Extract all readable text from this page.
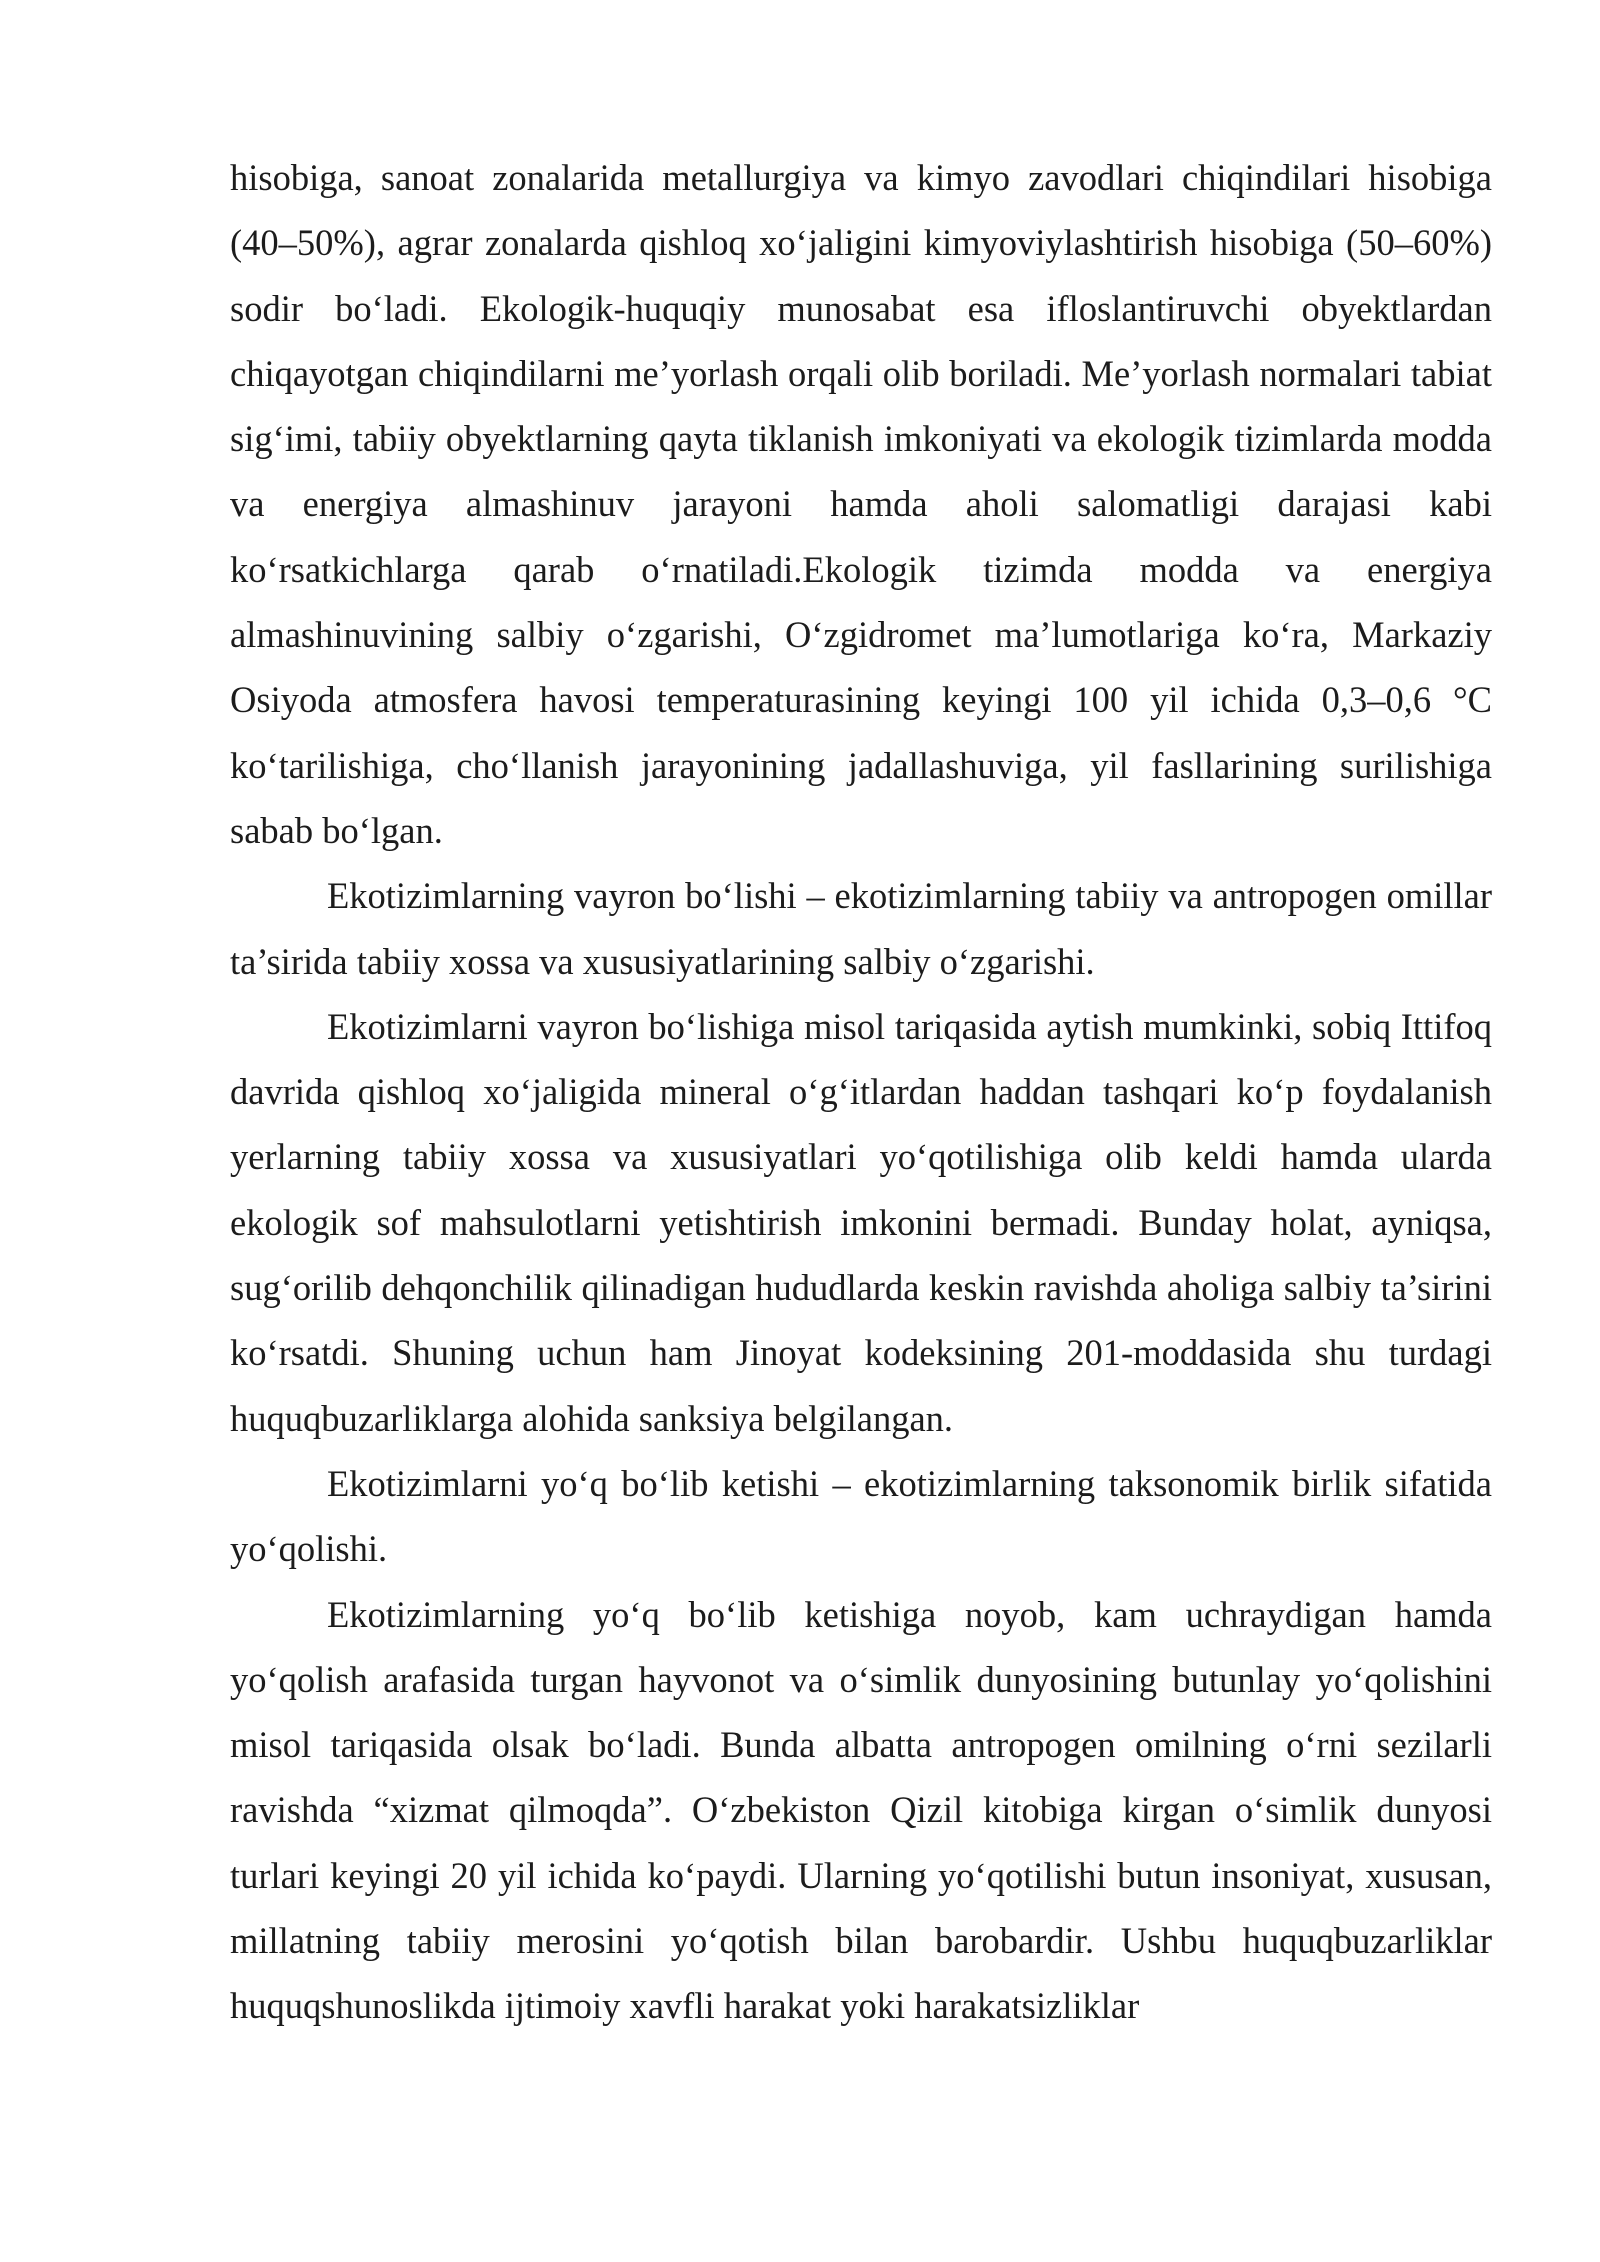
hisobiga, sanoat zonalarida metallurgiya va kimyo zavodlari chiqindilari hisobiga (40–50%), agrar zonalarda qishloq xo‘jaligini kimyoviylashtirish hisobiga (50–60%) sodir bo‘ladi. Ekologik-huquqiy munosabat esa ifloslantiruvchi obyektlardan chiqayotgan chiqindilarni me’yorlash orqali olib boriladi. Me’yorlash normalari tabiat sig‘imi, tabiiy obyektlarning qayta tiklanish imkoniyati va ekologik tizimlarda modda va energiya almashinuv jarayoni hamda aholi salomatligi darajasi kabi ko‘rsatkichlarga qarab o‘rnatiladi.Ekologik tizimda modda va energiya almashinuvining salbiy o‘zgarishi, O‘zgidromet ma’lumotlariga ko‘ra, Markaziy Osiyoda atmosfera havosi temperaturasining keyingi 100 yil ichida 0,3–0,6 °C ko‘tarilishiga, cho‘llanish jarayonining jadallashuviga, yil fasllarining surilishiga sabab bo‘lgan.

Ekotizimlarning vayron bo‘lishi – ekotizimlarning tabiiy va antropogen omillar ta’sirida tabiiy xossa va xususiyatlarining salbiy o‘zgarishi.

Ekotizimlarni vayron bo‘lishiga misol tariqasida aytish mumkinki, sobiq Ittifoq davrida qishloq xo‘jaligida mineral o‘g‘itlardan haddan tashqari ko‘p foydalanish yerlarning tabiiy xossa va xususiyatlari yo‘qotilishiga olib keldi hamda ularda ekologik sof mahsulotlarni yetishtirish imkonini bermadi. Bunday holat, ayniqsa, sug‘orilib dehqonchilik qilinadigan hududlarda keskin ravishda aholiga salbiy ta’sirini ko‘rsatdi. Shuning uchun ham Jinoyat kodeksining 201-moddasida shu turdagi huquqbuzarliklarga alohida sanksiya belgilangan.

Ekotizimlarni yo‘q bo‘lib ketishi – ekotizimlarning taksonomik birlik sifatida yo‘qolishi.

Ekotizimlarning yo‘q bo‘lib ketishiga noyob, kam uchraydigan hamda yo‘qolish arafasida turgan hayvonot va o‘simlik dunyosining butunlay yo‘qolishini misol tariqasida olsak bo‘ladi. Bunda albatta antropogen omilning o‘rni sezilarli ravishda “xizmat qilmoqda”. O‘zbekiston Qizil kitobiga kirgan o‘simlik dunyosi turlari keyingi 20 yil ichida ko‘paydi. Ularning yo‘qotilishi butun insoniyat, xususan, millatning tabiiy merosini yo‘qotish bilan barobardir. Ushbu huquqbuzarliklar huquqshunoslikda ijtimoiy xavfli harakat yoki harakatsizliklar
